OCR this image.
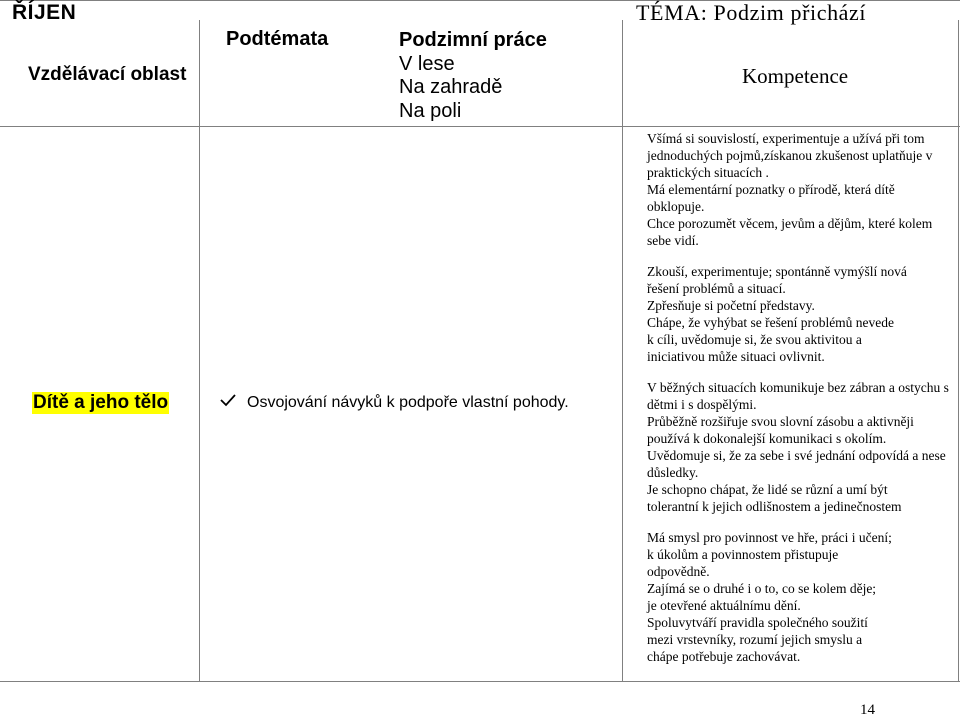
ŘÍJEN
Vzdělávací oblast
Podtémata	Podzimní práce
V lese
Na zahradě
Na poli
TÉMA: Podzim přichází
Kompetence
Dítě a jeho tělo	Osvojování návyků k podpoře vlastní pohody.
Všímá si souvislostí, experimentuje a užívá při tom
jednoduchých pojmů,získanou zkušenost uplatňuje v
praktických situacích .
Má elementární poznatky o přírodě, která dítě
obklopuje.
Chce porozumět věcem, jevům a dějům, které kolem
sebe vidí.
Zkouší, experimentuje; spontánně vymýšlí nová
řešení problémů a situací.
Zpřesňuje si početní představy.
Chápe, že vyhýbat se řešení problémů nevede
k cíli, uvědomuje si, že svou aktivitou a
iniciativou může situaci ovlivnit.
V běžných situacích komunikuje bez zábran a ostychu s
dětmi i s dospělými.
Průběžně rozšiřuje svou slovní zásobu a aktivněji
používá k dokonalejší komunikaci s okolím.
Uvědomuje si, že za sebe i své jednání odpovídá a nese
důsledky.
Je schopno chápat, že lidé se různí a umí být
tolerantní k jejich odlišnostem a jedinečnostem
Má smysl pro povinnost ve hře, práci i učení;
k úkolům a povinnostem přistupuje
odpovědně.
Zajímá se o druhé i o to, co se kolem děje;
je otevřené aktuálnímu dění.
Spoluvytváří pravidla společného soužití
mezi vrstevníky, rozumí jejich smyslu a
chápe potřebuje zachovávat.
14
